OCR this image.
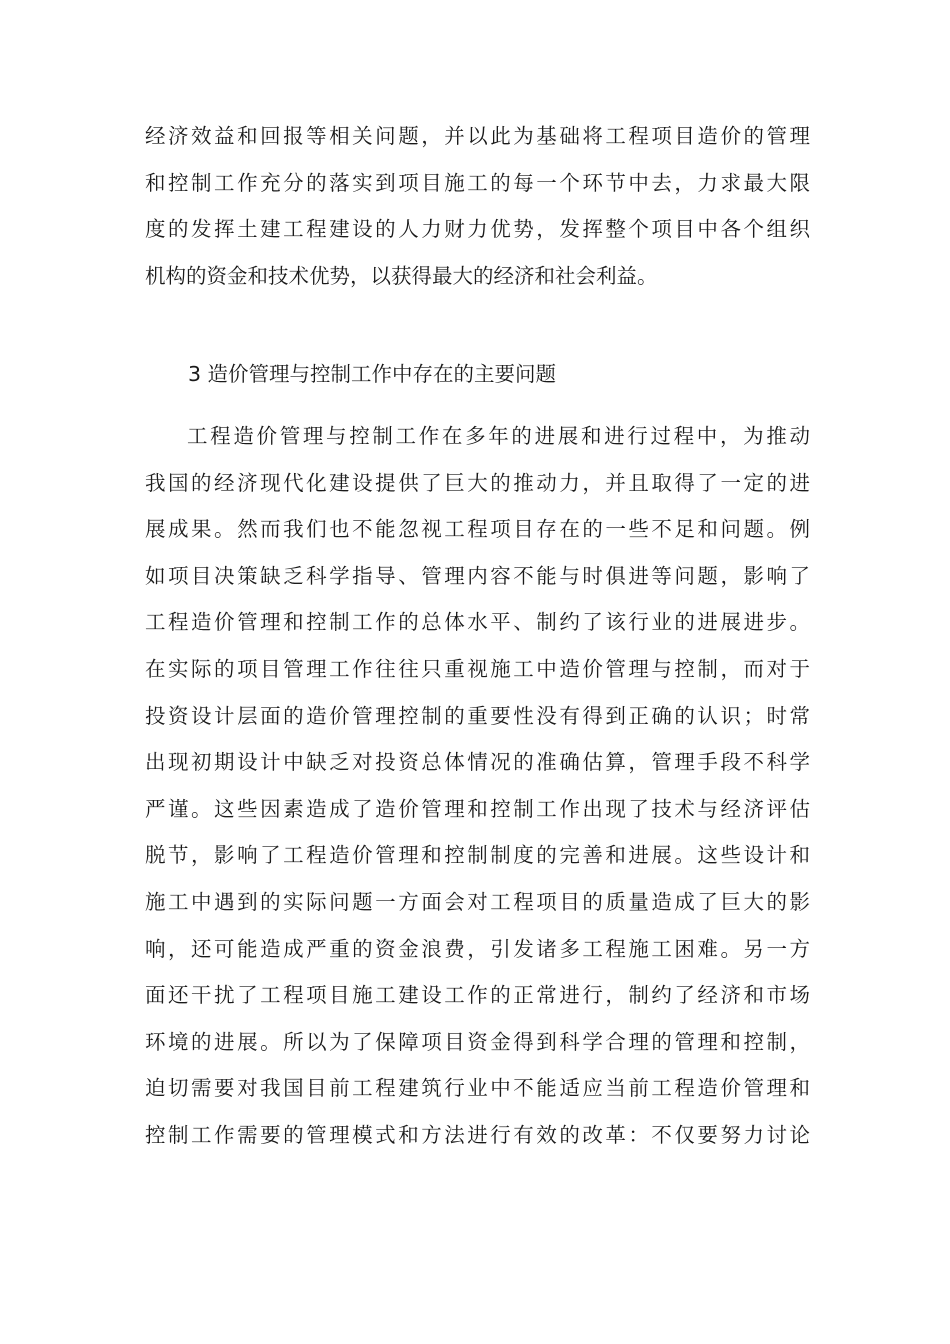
经济效益和回报等相关问题，并以此为基础将工程项目造价的管理
和控制工作充分的落实到项目施工的每一个环节中去，力求最大限
度的发挥土建工程建设的人力财力优势，发挥整个项目中各个组织
机构的资金和技术优势，以获得最大的经济和社会利益。
3 造价管理与控制工作中存在的主要问题
工程造价管理与控制工作在多年的进展和进行过程中，为推动
我国的经济现代化建设提供了巨大的推动力，并且取得了一定的进
展成果。然而我们也不能忽视工程项目存在的一些不足和问题。例
如项目决策缺乏科学指导、管理内容不能与时俱进等问题，影响了
工程造价管理和控制工作的总体水平、制约了该行业的进展进步。
在实际的项目管理工作往往只重视施工中造价管理与控制，而对于
投资设计层面的造价管理控制的重要性没有得到正确的认识；时常
出现初期设计中缺乏对投资总体情况的准确估算，管理手段不科学
严谨。这些因素造成了造价管理和控制工作出现了技术与经济评估
脱节，影响了工程造价管理和控制制度的完善和进展。这些设计和
施工中遇到的实际问题一方面会对工程项目的质量造成了巨大的影
响，还可能造成严重的资金浪费，引发诸多工程施工困难。另一方
面还干扰了工程项目施工建设工作的正常进行，制约了经济和市场
环境的进展。所以为了保障项目资金得到科学合理的管理和控制，
迫切需要对我国目前工程建筑行业中不能适应当前工程造价管理和
控制工作需要的管理模式和方法进行有效的改革：不仅要努力讨论
